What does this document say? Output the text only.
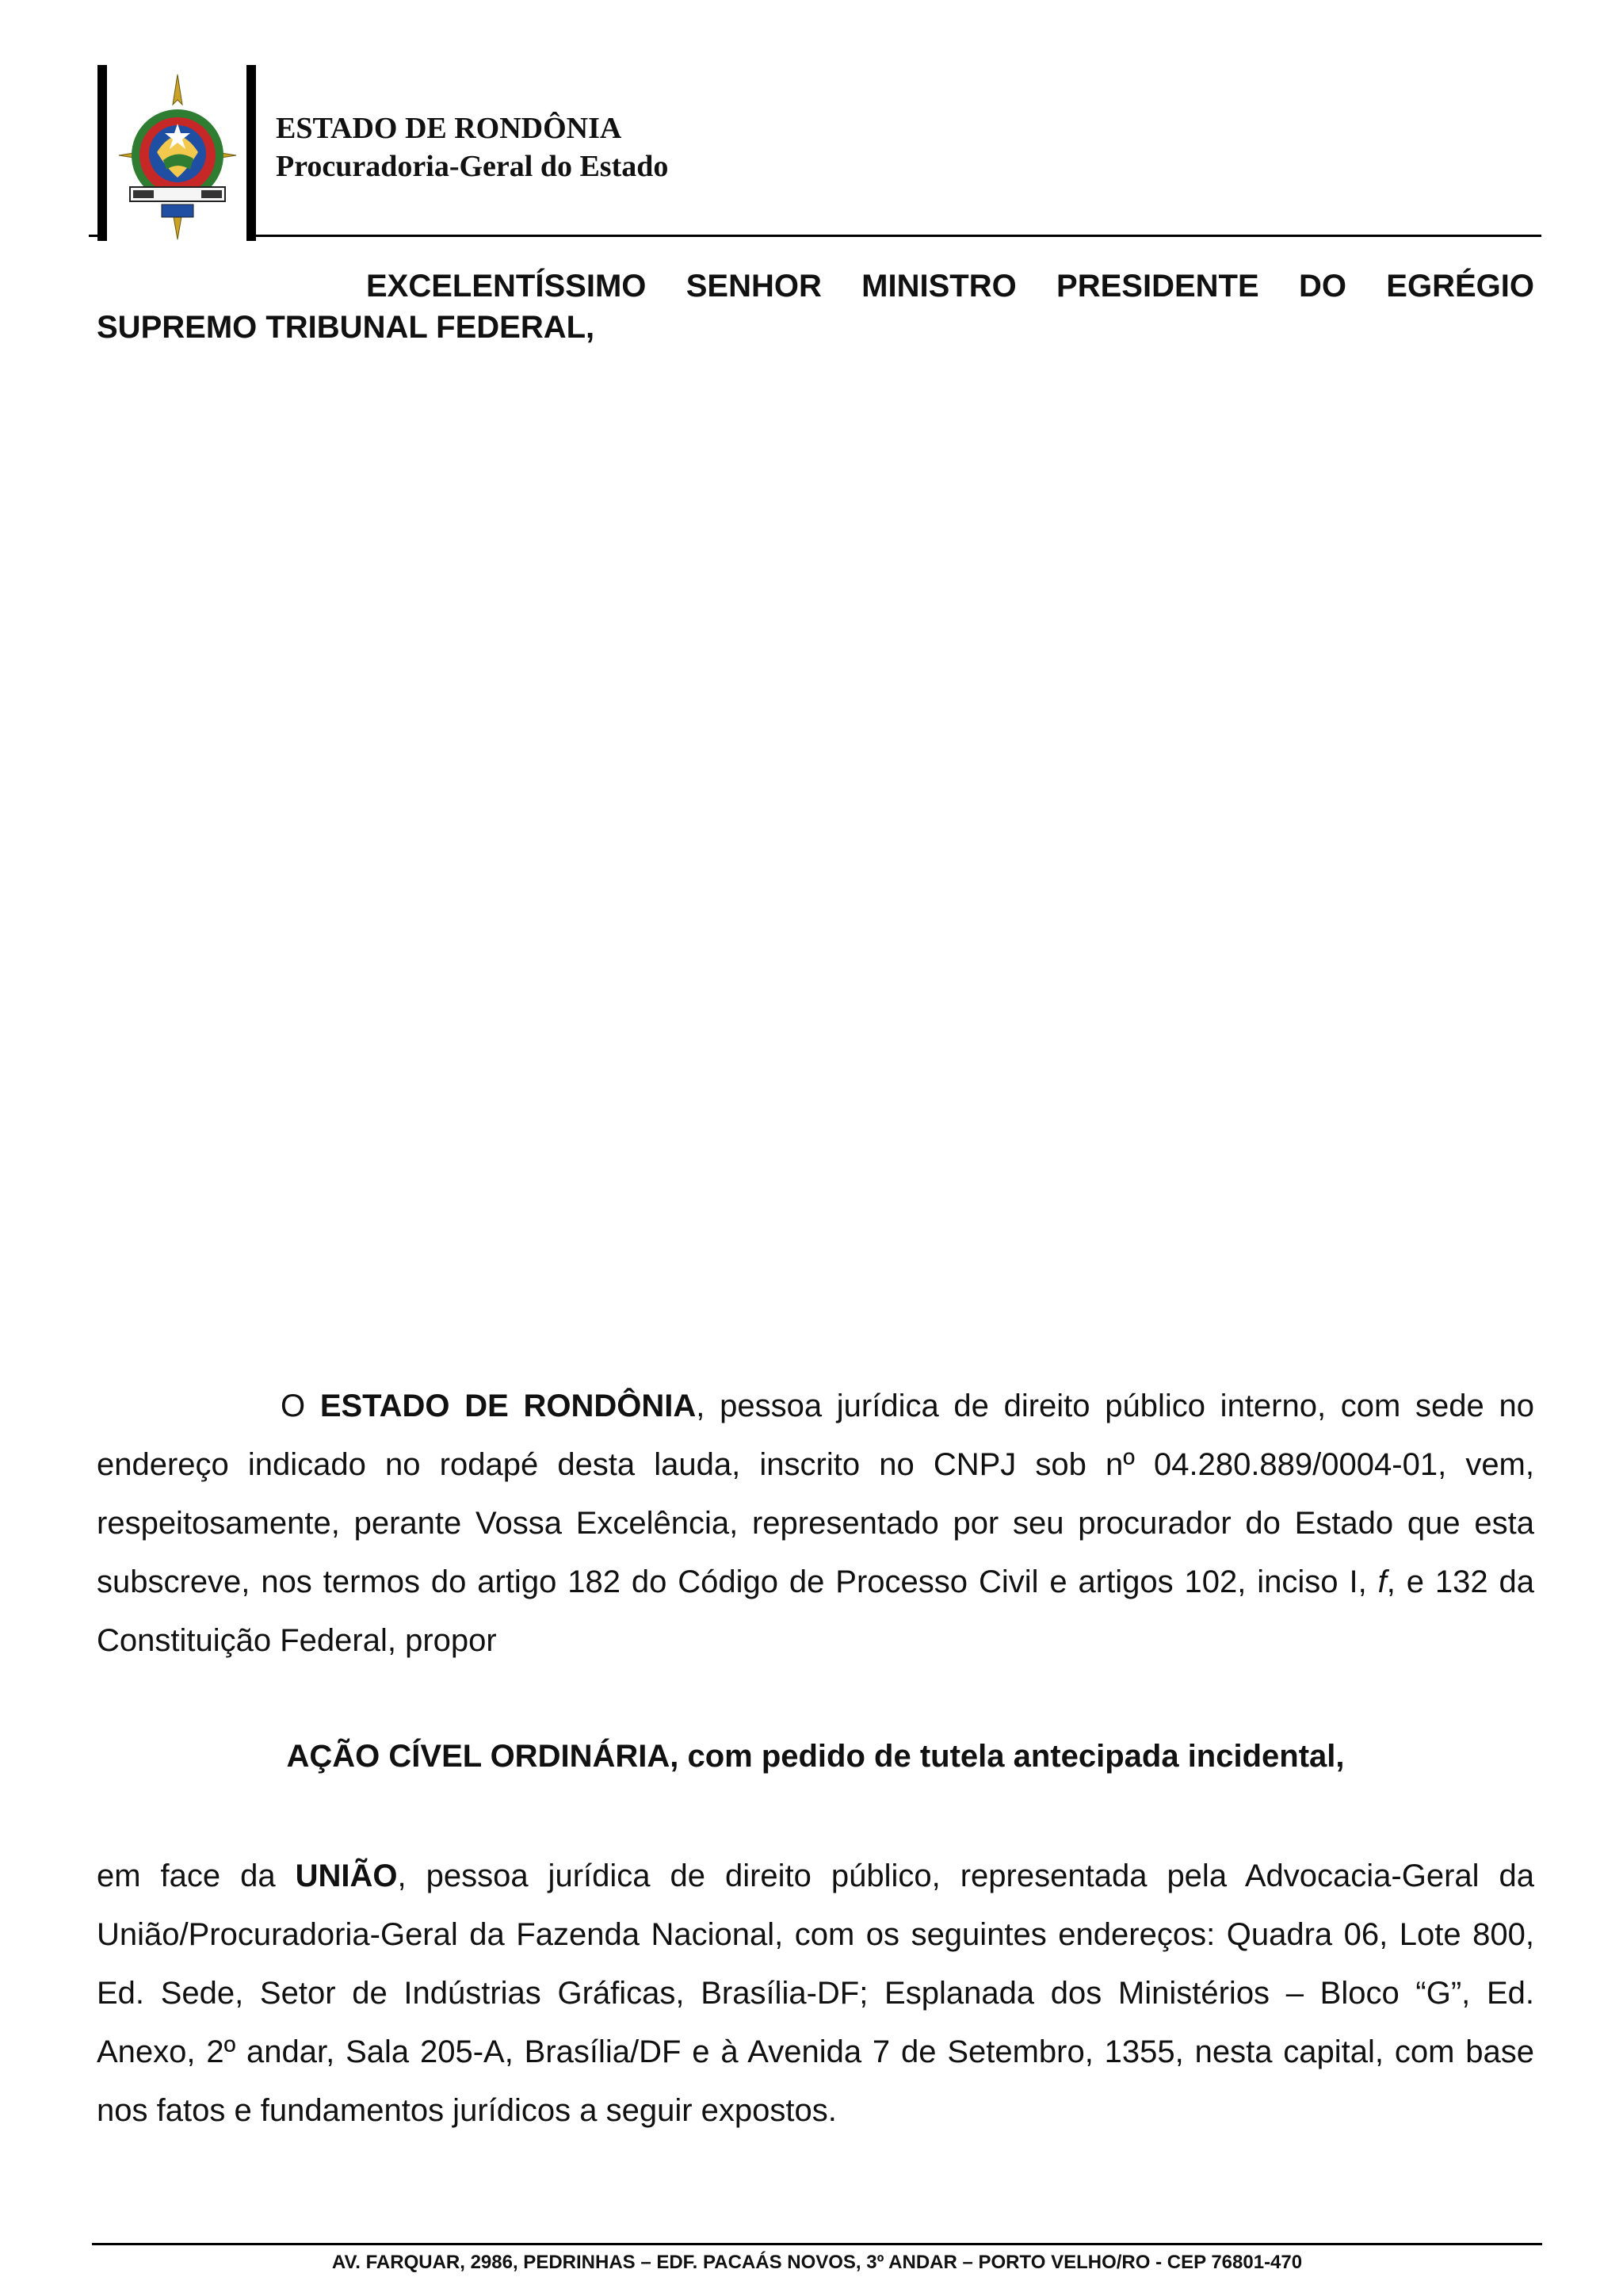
ESTADO DE RONDÔNIA
Procuradoria-Geral do Estado
EXCELENTÍSSIMO SENHOR MINISTRO PRESIDENTE DO EGRÉGIO SUPREMO TRIBUNAL FEDERAL,
O ESTADO DE RONDÔNIA, pessoa jurídica de direito público interno, com sede no endereço indicado no rodapé desta lauda, inscrito no CNPJ sob nº 04.280.889/0004-01, vem, respeitosamente, perante Vossa Excelência, representado por seu procurador do Estado que esta subscreve, nos termos do artigo 182 do Código de Processo Civil e artigos 102, inciso I, f, e 132 da Constituição Federal, propor
AÇÃO CÍVEL ORDINÁRIA, com pedido de tutela antecipada incidental,
em face da UNIÃO, pessoa jurídica de direito público, representada pela Advocacia-Geral da União/Procuradoria-Geral da Fazenda Nacional, com os seguintes endereços: Quadra 06, Lote 800, Ed. Sede, Setor de Indústrias Gráficas, Brasília-DF; Esplanada dos Ministérios – Bloco “G”, Ed. Anexo, 2º andar, Sala 205-A, Brasília/DF e à Avenida 7 de Setembro, 1355, nesta capital, com base nos fatos e fundamentos jurídicos a seguir expostos.
AV. FARQUAR, 2986, PEDRINHAS – EDF. PACAÁS NOVOS, 3º ANDAR – PORTO VELHO/RO - CEP 76801-470
